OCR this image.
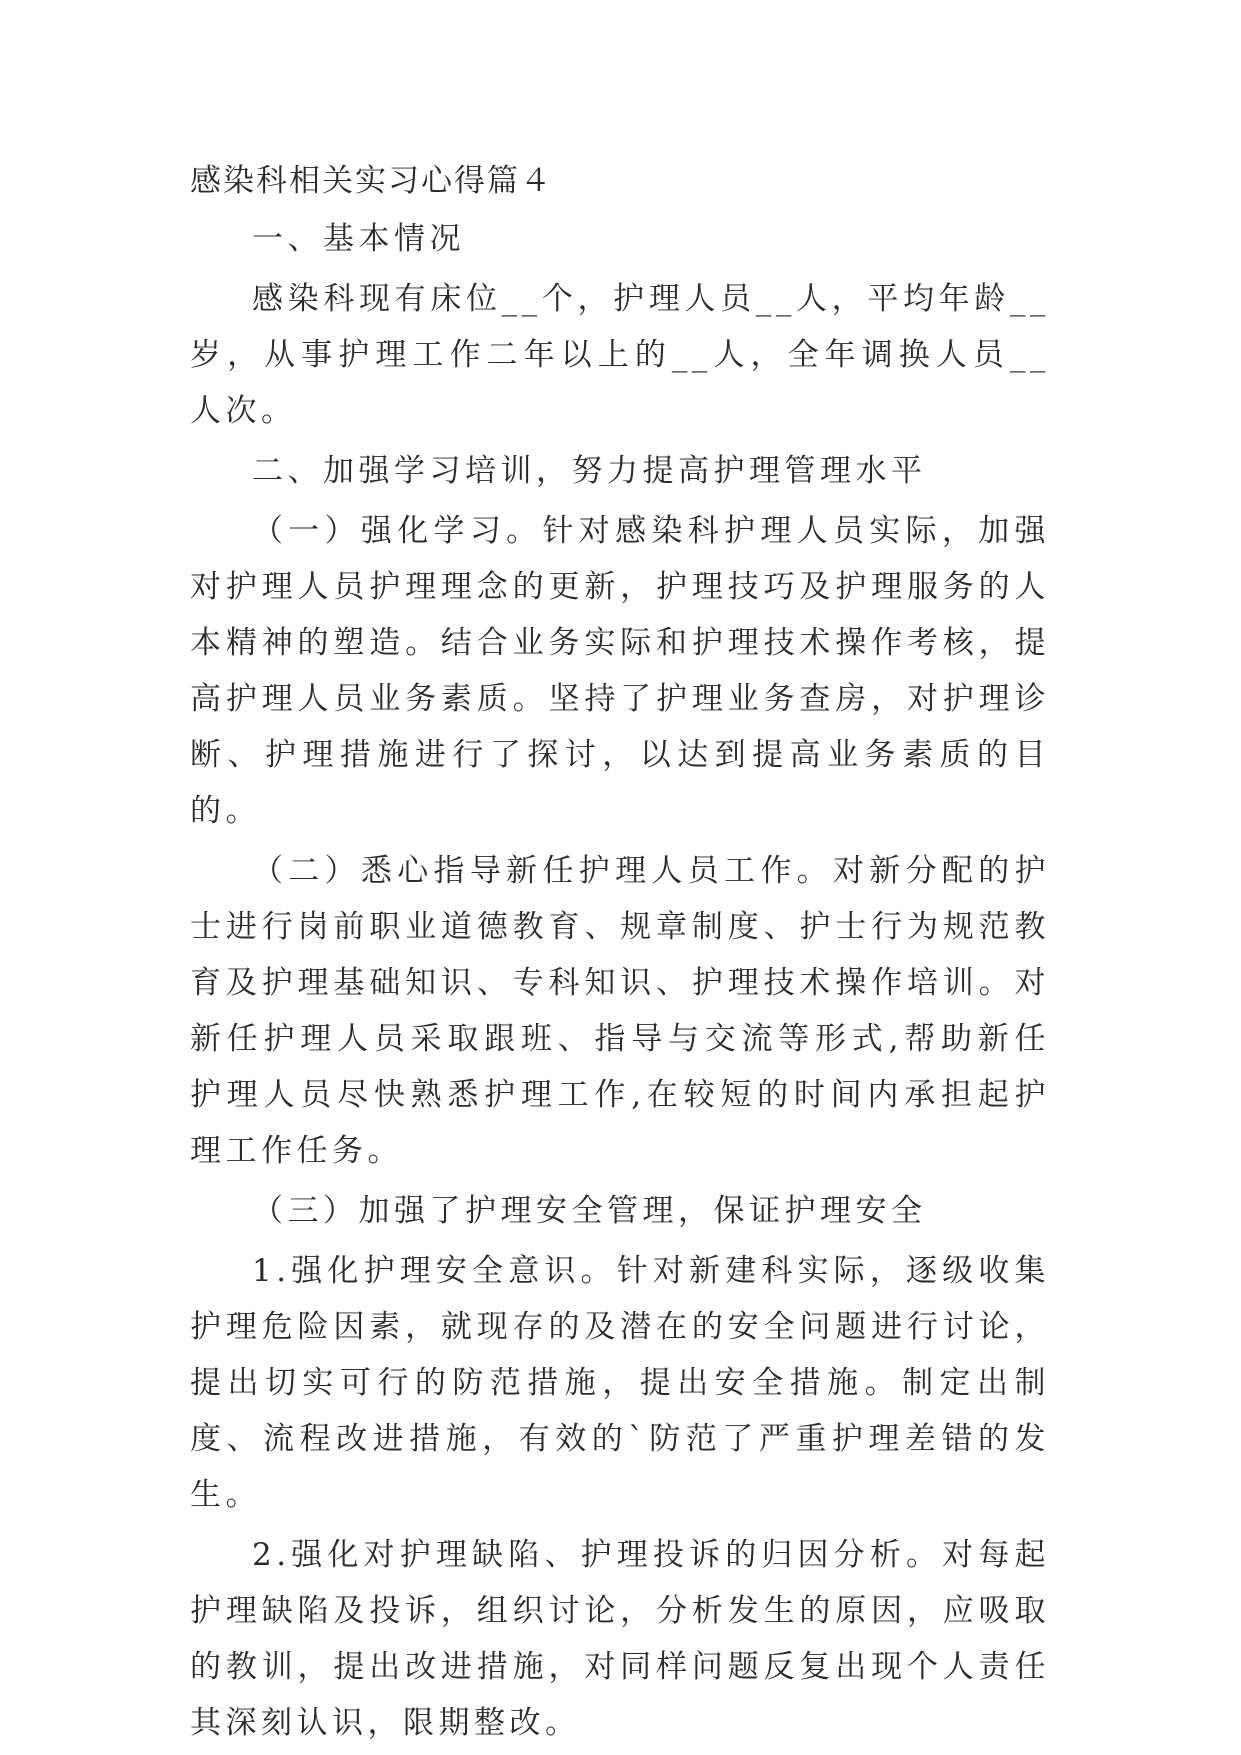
感染科相关实习心得篇４

一、基本情况

感染科现有床位__个，护理人员__人，平均年龄__岁，从事护理工作二年以上的__人，全年调换人员__人次。

二、加强学习培训，努力提高护理管理水平

（一）强化学习。针对感染科护理人员实际，加强对护理人员护理理念的更新，护理技巧及护理服务的人本精神的塑造。结合业务实际和护理技术操作考核，提高护理人员业务素质。坚持了护理业务查房，对护理诊断、护理措施进行了探讨，以达到提高业务素质的目的。

（二）悉心指导新任护理人员工作。对新分配的护士进行岗前职业道德教育、规章制度、护士行为规范教育及护理基础知识、专科知识、护理技术操作培训。对新任护理人员采取跟班、指导与交流等形式,帮助新任护理人员尽快熟悉护理工作,在较短的时间内承担起护理工作任务。

（三）加强了护理安全管理，保证护理安全

1.强化护理安全意识。针对新建科实际，逐级收集护理危险因素，就现存的及潜在的安全问题进行讨论，提出切实可行的防范措施，提出安全措施。制定出制度、流程改进措施，有效的`防范了严重护理差错的发生。

2.强化对护理缺陷、护理投诉的归因分析。对每起护理缺陷及投诉，组织讨论，分析发生的原因，应吸取的教训，提出改进措施，对同样问题反复出现个人责任其深刻认识，限期整改。
